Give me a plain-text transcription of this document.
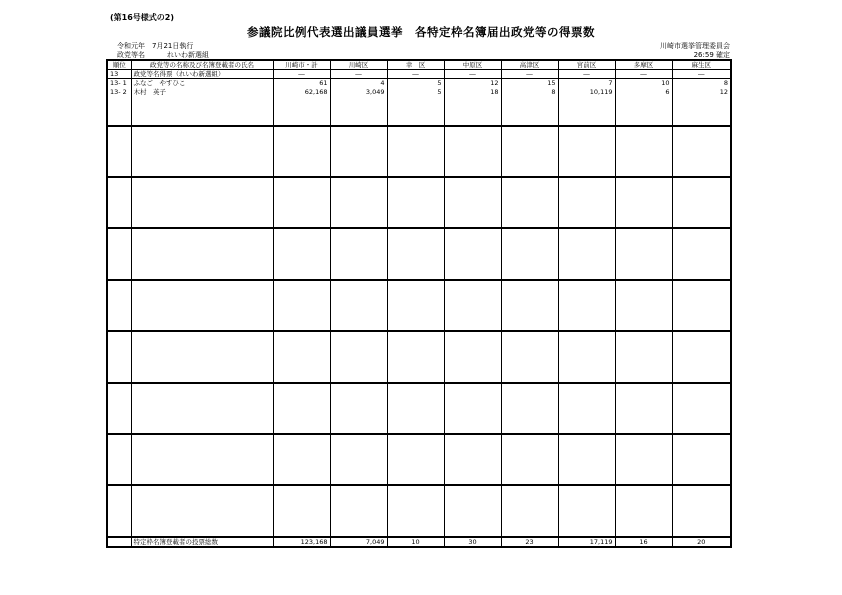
(第16号様式の2)
参議院比例代表選出議員選挙　各特定枠名簿届出政党等の得票数
令和元年　7月21日執行
政党等名	れいわ新選組
川崎市選挙管理委員会
26:59 確定
順位	政党等の名称及び名簿登載者の氏名	川崎市・計	川崎区	幸　区	中原区	高津区	宮前区	多摩区	麻生区
13	政党等名得票（れいわ新選組）	―	―	―	―	―	―	―	―
13- 1	ふなご　やすひこ	61	4	5	12	15	7	10	8
13- 2	木村　英子	62,168	3,049	5	18	8	10,119	6	12

	特定枠名簿登載者の投票総数	123,168	7,049	10	30	23	17,119	16	20
